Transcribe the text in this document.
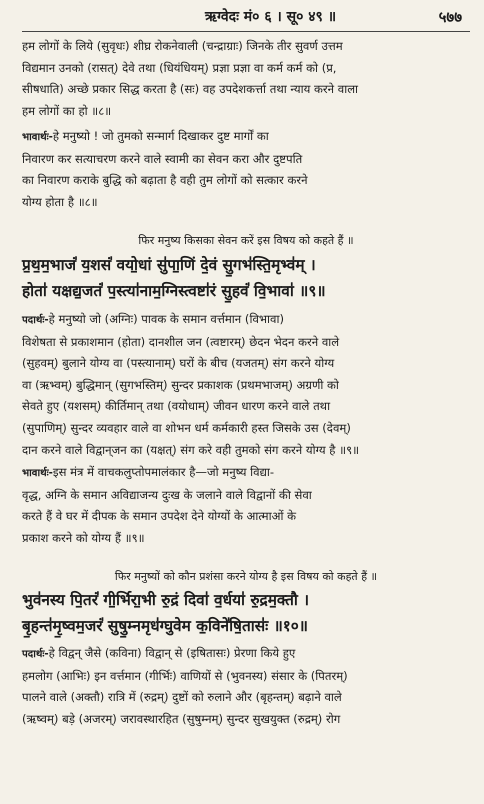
ऋग्वेदः मं० ६ । सू० ४९ ॥	५७७

हम लोगों के लिये (सुवृधः) शीघ्र रोकनेवाली (चन्द्राग्राः) जिनके तीर सुवर्ण उत्तम
विद्यमान उनको (रासत्) देवे तथा (धियंधियम्) प्रज्ञा प्रज्ञा वा कर्म कर्म को (प्र,
सीषधाति) अच्छे प्रकार सिद्ध करता है (सः) वह उपदेशकर्त्ता तथा न्याय करने वाला
हम लोगों का हो ॥८॥

भावार्थः-हे मनुष्यो ! जो तुमको सन्मार्ग दिखाकर दुष्ट मार्गों का
निवारण कर सत्याचरण करने वाले स्वामी का सेवन करा और दुष्टपति
का निवारण कराके बुद्धि को बढ़ाता है वही तुम लोगों को सत्कार करने
योग्य होता है ॥८॥

फिर मनुष्य किसका सेवन करें इस विषय को कहते हैं ॥

प्र॒थ॒म॒भाजं॑ य॒शसं॑ वयो॒धां सु॑पा॒णिं दे॒वं सु॒गभ॑स्ति॒मृभ्व॑म् ।
होता॑ यक्षद्य॒जतं॑ प॒स्त्या॑नाम॒ग्निस्त्वष्टा॑रं सु॒हवं॑ वि॒भावा॑ ॥९॥

पदार्थः-हे मनुष्यो जो (अग्निः) पावक के समान वर्त्तमान (विभावा)
विशेषता से प्रकाशमान (होता) दानशील जन (त्वष्टारम्) छेदन भेदन करने वाले
(सुहवम्) बुलाने योग्य वा (पस्त्यानाम्) घरों के बीच (यजतम्) संग करने योग्य
वा (ऋभ्वम्) बुद्धिमान् (सुगभस्तिम्) सुन्दर प्रकाशक (प्रथमभाजम्) अग्रणी को
सेवते हुए (यशसम्) कीर्तिमान् तथा (वयोधाम्) जीवन धारण करने वाले तथा
(सुपाणिम्) सुन्दर व्यवहार वाले वा शोभन धर्म कर्मकारी हस्त जिसके उस (देवम्)
दान करने वाले विद्वान्‌जन का (यक्षत्) संग करे वही तुमको संग करने योग्य है ॥९॥

भावार्थः-इस मंत्र में वाचकलुप्तोपमालंकार है—जो मनुष्य विद्या-
वृद्ध, अग्नि के समान अविद्याजन्य दुःख के जलाने वाले विद्वानों की सेवा
करते हैं वे घर में दीपक के समान उपदेश देने योग्यों के आत्माओं के
प्रकाश करने को योग्य हैं ॥९॥

फिर मनुष्यों को कौन प्रशंसा करने योग्य है इस विषय को कहते हैं ॥

भुव॑नस्य पि॒तरं॑ गी॒र्भिरा॒भी रु॒द्रं दिवा॑ व॒र्धया॑ रु॒द्रम॒क्तौ ।
बृ॒हन्त॑मृ॒ष्वम॒जरं॑ सुषु॒म्नमृध॑ग्घुवेम क॒विने॑षि॒तासः॑ ॥१०॥

पदार्थः-हे विद्वन् जैसे (कविना) विद्वान् से (इषितासः) प्रेरणा किये हुए
हमलोग (आभिः) इन वर्त्तमान (गीर्भिः) वाणियों से (भुवनस्य) संसार के (पितरम्)
पालने वाले (अक्तौ) रात्रि में (रुद्रम्) दुष्टों को रुलाने और (बृहन्तम्) बढ़ाने वाले
(ऋष्वम्) बड़े (अजरम्) जरावस्थारहित (सुषुम्नम्) सुन्दर सुखयुक्त (रुद्रम्) रोग
